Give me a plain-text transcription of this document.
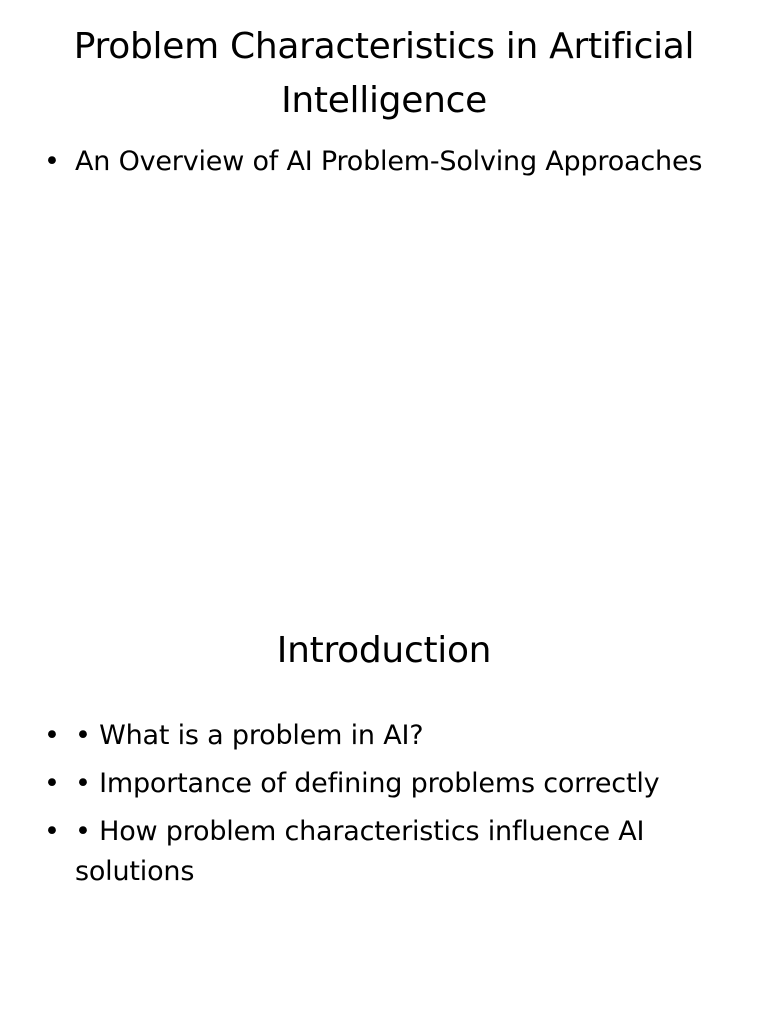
Problem Characteristics in Artificial Intelligence
• An Overview of AI Problem-Solving Approaches
Introduction
• • What is a problem in AI?
• • Importance of defining problems correctly
• • How problem characteristics influence AI solutions
